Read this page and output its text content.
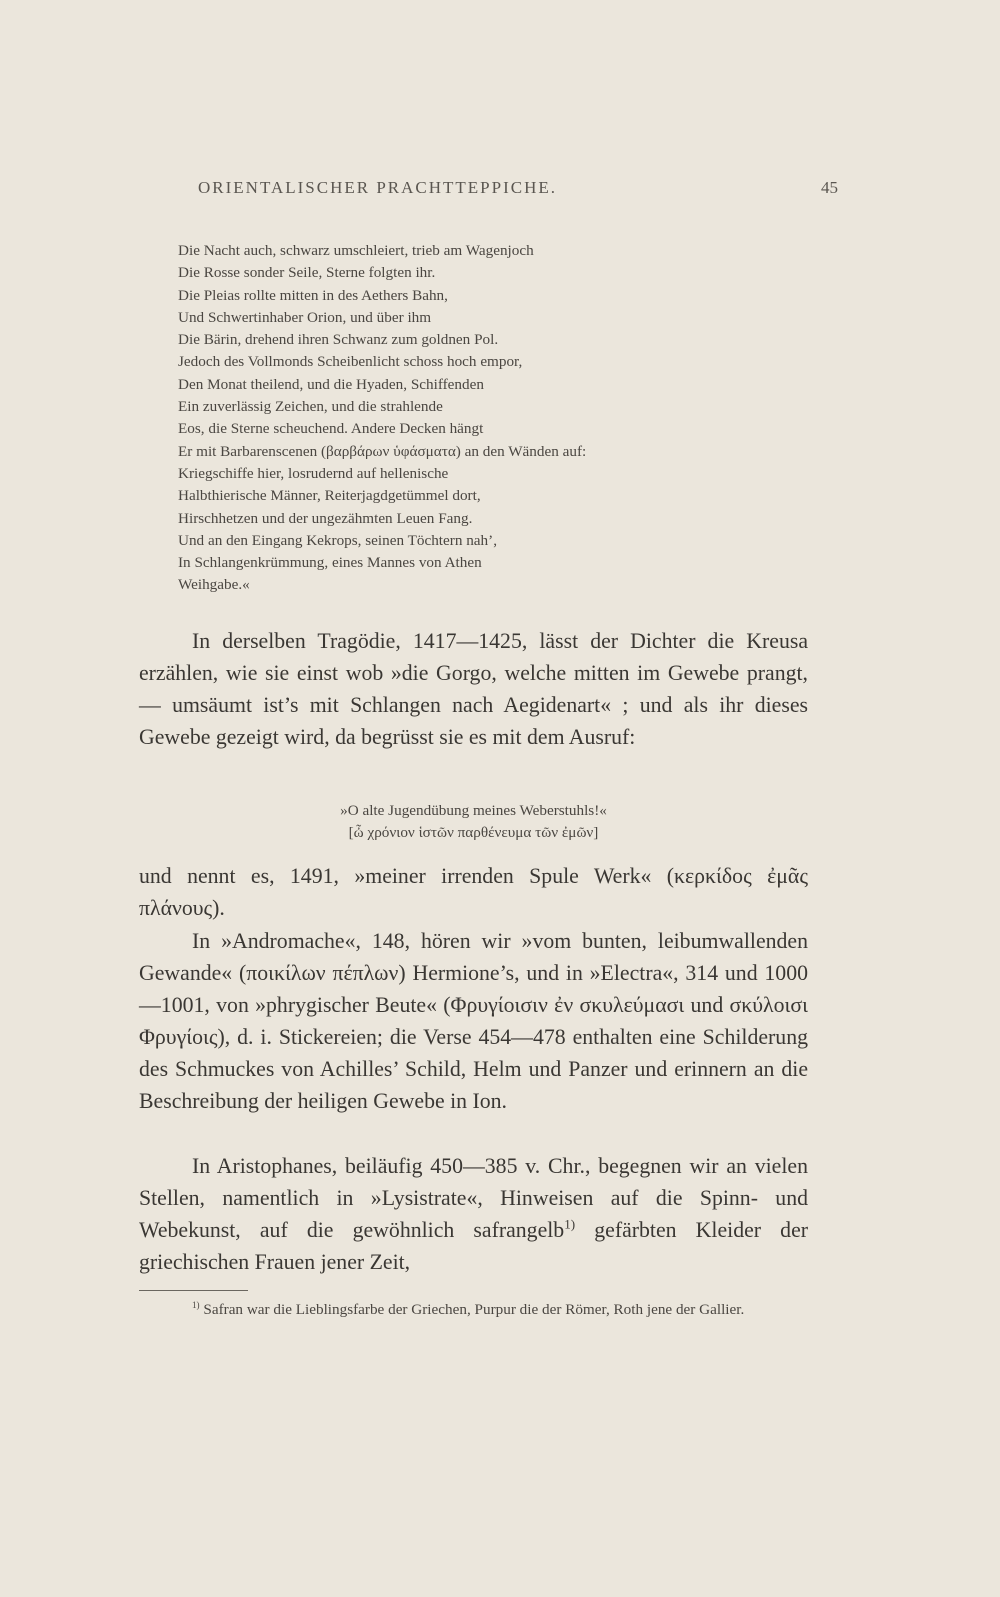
ORIENTALISCHER PRACHTTEPPICHE.	45
Die Nacht auch, schwarz umschleiert, trieb am Wagenjoch
Die Rosse sonder Seile, Sterne folgten ihr.
Die Pleias rollte mitten in des Aethers Bahn,
Und Schwertinhaber Orion, und über ihm
Die Bärin, drehend ihren Schwanz zum goldnen Pol.
Jedoch des Vollmonds Scheibenlicht schoss hoch empor,
Den Monat theilend, und die Hyaden, Schiffenden
Ein zuverlässig Zeichen, und die strahlende
Eos, die Sterne scheuchend. Andere Decken hängt
Er mit Barbarenscenen (βαρβάρων ὑφάσματα) an den Wänden auf:
Kriegschiffe hier, losrudernd auf hellenische
Halbthierische Männer, Reiterjagdgetümmel dort,
Hirschhetzen und der ungezähmten Leuen Fang.
Und an den Eingang Kekrops, seinen Töchtern nah’,
In Schlangenkrümmung, eines Mannes von Athen
Weihgabe.«

In derselben Tragödie, 1417—1425, lässt der Dichter die Kreusa erzählen, wie sie einst wob »die Gorgo, welche mitten im Gewebe prangt, — umsäumt ist’s mit Schlangen nach Aegidenart« ; und als ihr dieses Gewebe gezeigt wird, da begrüsst sie es mit dem Ausruf:

»O alte Jugendübung meines Weberstuhls!«
[ὦ χρόνιον ἱστῶν παρθένευμα τῶν ἐμῶν]

und nennt es, 1491, »meiner irrenden Spule Werk« (κερκίδος ἐμᾶς πλάνους).

In »Andromache«, 148, hören wir »vom bunten, leibumwallenden Gewande« (ποικίλων πέπλων) Hermione’s, und in »Electra«, 314 und 1000—1001, von »phrygischer Beute« (Φρυγίοισιν ἐν σκυλεύμασι und σκύλοισι Φρυγίοις), d. i. Stickereien; die Verse 454—478 enthalten eine Schilderung des Schmuckes von Achilles’ Schild, Helm und Panzer und erinnern an die Beschreibung der heiligen Gewebe in Ion.

In Aristophanes, beiläufig 450—385 v. Chr., begegnen wir an vielen Stellen, namentlich in »Lysistrate«, Hinweisen auf die Spinn- und Webekunst, auf die gewöhnlich safrangelb$^{1)}$ gefärbten Kleider der griechischen Frauen jener Zeit,

$^{1)}$ Safran war die Lieblingsfarbe der Griechen, Purpur die der Römer, Roth jene der Gallier.
